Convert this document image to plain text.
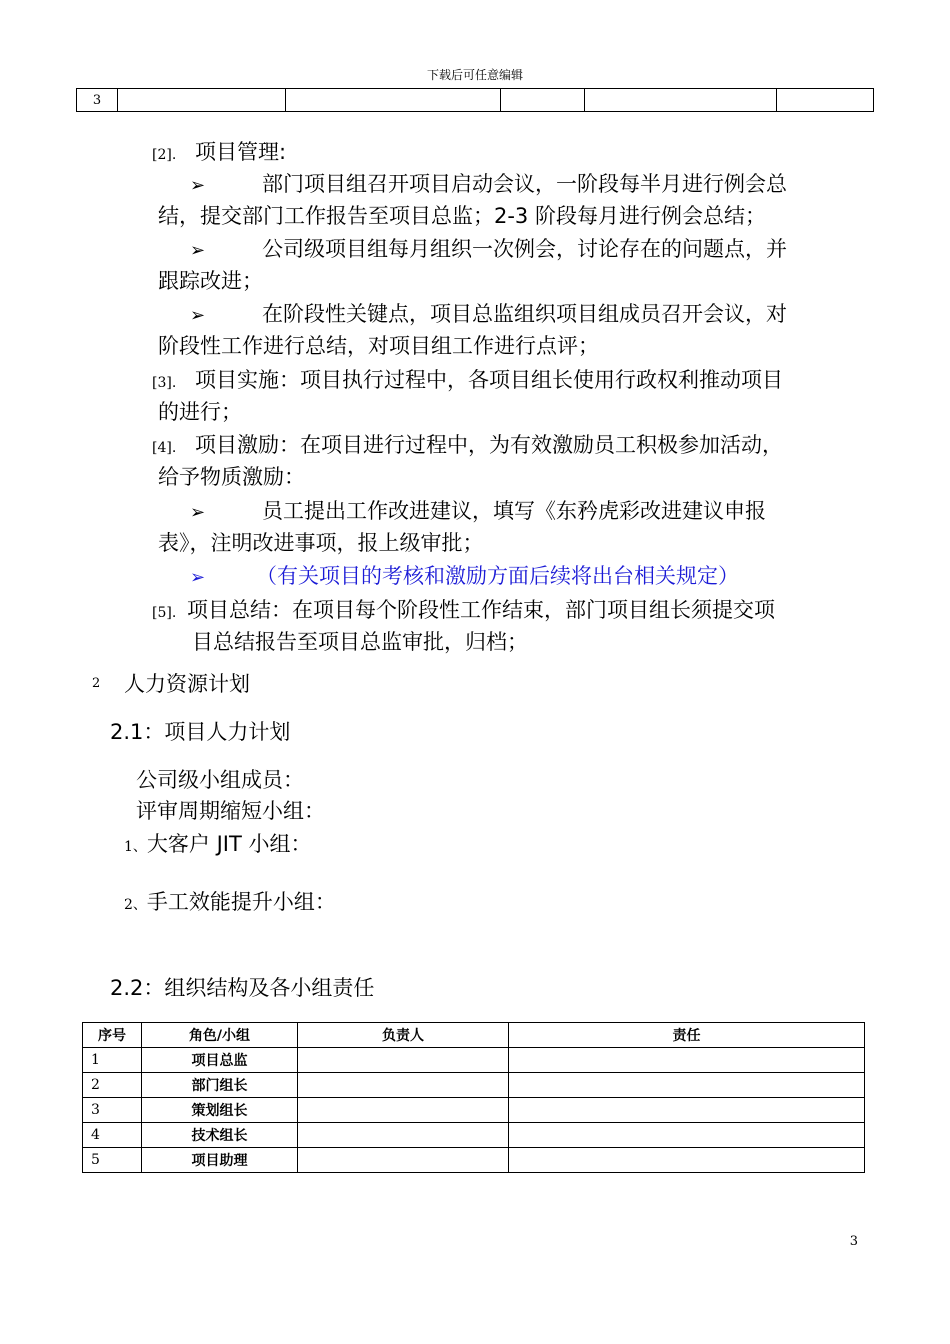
下载后可任意编辑
3					
[2]. 项目管理:
➢	部门项目组召开项目启动会议，一阶段每半月进行例会总
结，提交部门工作报告至项目总监；2-3 阶段每月进行例会总结；
➢	公司级项目组每月组织一次例会，讨论存在的问题点，并
跟踪改进；
➢	在阶段性关键点，项目总监组织项目组成员召开会议，对
阶段性工作进行总结，对项目组工作进行点评；
[3]. 项目实施：项目执行过程中，各项目组长使用行政权利推动项目
的进行；
[4]. 项目激励：在项目进行过程中，为有效激励员工积极参加活动，
给予物质激励：
➢	员工提出工作改进建议，填写《东矜虎彩改进建议申报
表》，注明改进事项，报上级审批；
➢ （有关项目的考核和激励方面后续将出台相关规定）
[5]. 项目总结：在项目每个阶段性工作结束，部门项目组长须提交项
目总结报告至项目总监审批，归档；
2 人力资源计划
2.1：项目人力计划
公司级小组成员：
评审周期缩短小组：
1、大客户 JIT 小组：
2、手工效能提升小组：
2.2：组织结构及各小组责任
序号	角色/小组	负责人	责任
1	项目总监		
2	部门组长		
3	策划组长		
4	技术组长		
5	项目助理		
3
